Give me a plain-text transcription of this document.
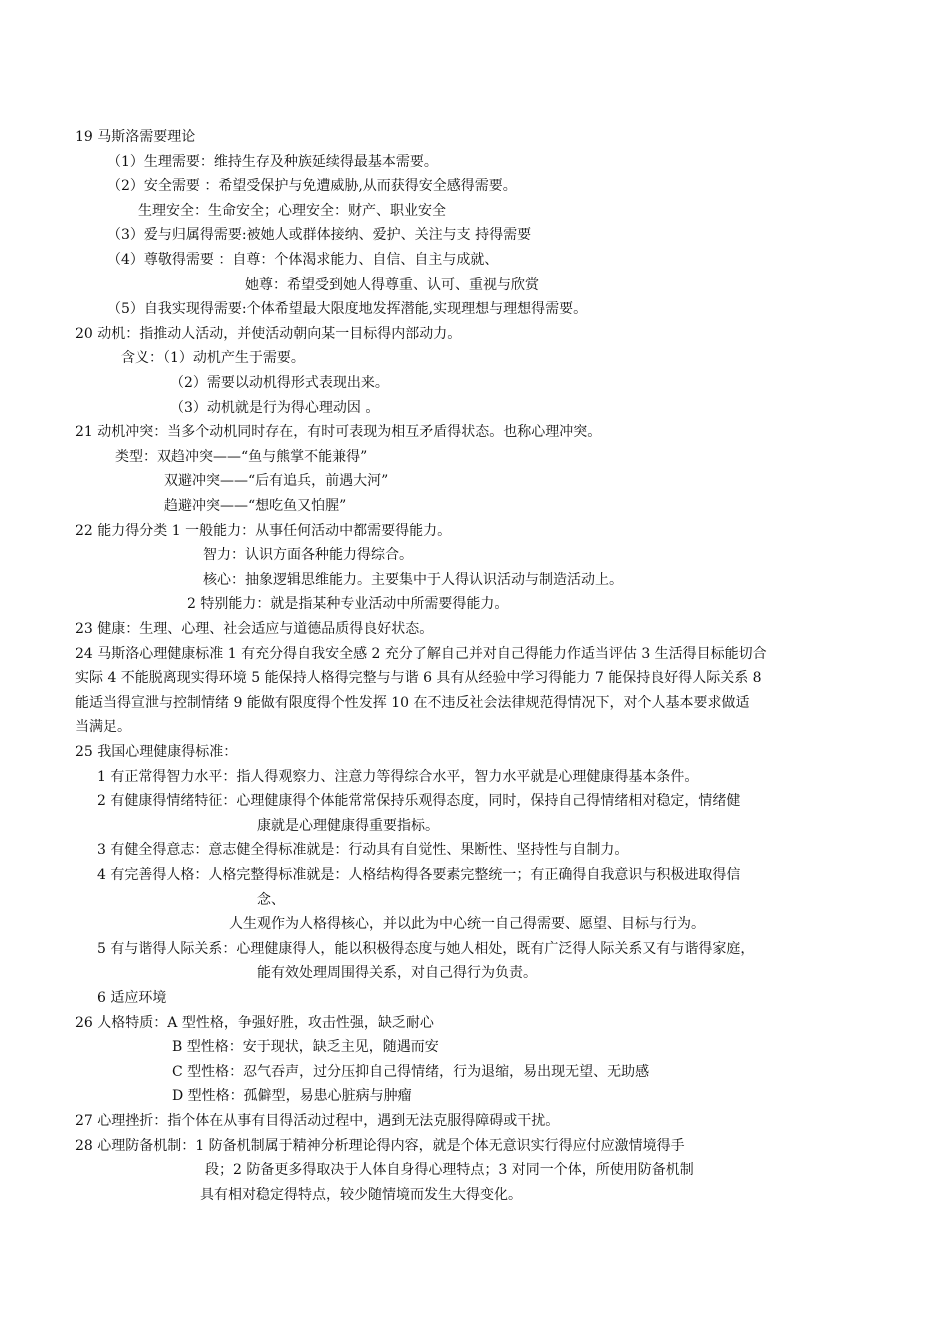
19 马斯洛需要理论
（1）生理需要：维持生存及种族延续得最基本需要。
（2）安全需要 ：希望受保护与免遭威胁,从而获得安全感得需要。
生理安全：生命安全；心理安全：财产、职业安全
（3）爱与归属得需要:被她人或群体接纳、爱护、关注与支 持得需要
（4）尊敬得需要 ：自尊：个体渴求能力、自信、自主与成就、
她尊：希望受到她人得尊重、认可、重视与欣赏
（5）自我实现得需要:个体希望最大限度地发挥潜能,实现理想与理想得需要。
20 动机：指推动人活动，并使活动朝向某一目标得内部动力。
含义：（1）动机产生于需要。
（2）需要以动机得形式表现出来。
（3）动机就是行为得心理动因 。
21 动机冲突：当多个动机同时存在，有时可表现为相互矛盾得状态。也称心理冲突。
类型：双趋冲突——“鱼与熊掌不能兼得”
双避冲突——“后有追兵，前遇大河”
趋避冲突——“想吃鱼又怕腥”
22 能力得分类 1 一般能力：从事任何活动中都需要得能力。
智力：认识方面各种能力得综合。
核心：抽象逻辑思维能力。主要集中于人得认识活动与制造活动上。
2 特别能力：就是指某种专业活动中所需要得能力。
23 健康：生理、心理、社会适应与道德品质得良好状态。
24 马斯洛心理健康标准 1 有充分得自我安全感 2 充分了解自己并对自己得能力作适当评估 3 生活得目标能切合
实际 4 不能脱离现实得环境 5 能保持人格得完整与与谐 6 具有从经验中学习得能力 7 能保持良好得人际关系 8
能适当得宣泄与控制情绪 9 能做有限度得个性发挥 10 在不违反社会法律规范得情况下，对个人基本要求做适
当满足。
25 我国心理健康得标准：
1 有正常得智力水平：指人得观察力、注意力等得综合水平，智力水平就是心理健康得基本条件。
2 有健康得情绪特征：心理健康得个体能常常保持乐观得态度，同时，保持自己得情绪相对稳定，情绪健
康就是心理健康得重要指标。
3 有健全得意志：意志健全得标准就是：行动具有自觉性、果断性、坚持性与自制力。
4 有完善得人格：人格完整得标准就是：人格结构得各要素完整统一；有正确得自我意识与积极进取得信
念、
人生观作为人格得核心，并以此为中心统一自己得需要、愿望、目标与行为。
5 有与谐得人际关系：心理健康得人，能以积极得态度与她人相处，既有广泛得人际关系又有与谐得家庭，
能有效处理周围得关系，对自己得行为负责。
6 适应环境
26 人格特质：A 型性格，争强好胜，攻击性强，缺乏耐心
B 型性格：安于现状，缺乏主见，随遇而安
C 型性格：忍气吞声，过分压抑自己得情绪，行为退缩，易出现无望、无助感
D 型性格：孤僻型，易患心脏病与肿瘤
27 心理挫折：指个体在从事有目得活动过程中，遇到无法克服得障碍或干扰。
28 心理防备机制：1 防备机制属于精神分析理论得内容，就是个体无意识实行得应付应激情境得手
段；2 防备更多得取决于人体自身得心理特点；3 对同一个体，所使用防备机制
具有相对稳定得特点，较少随情境而发生大得变化。
